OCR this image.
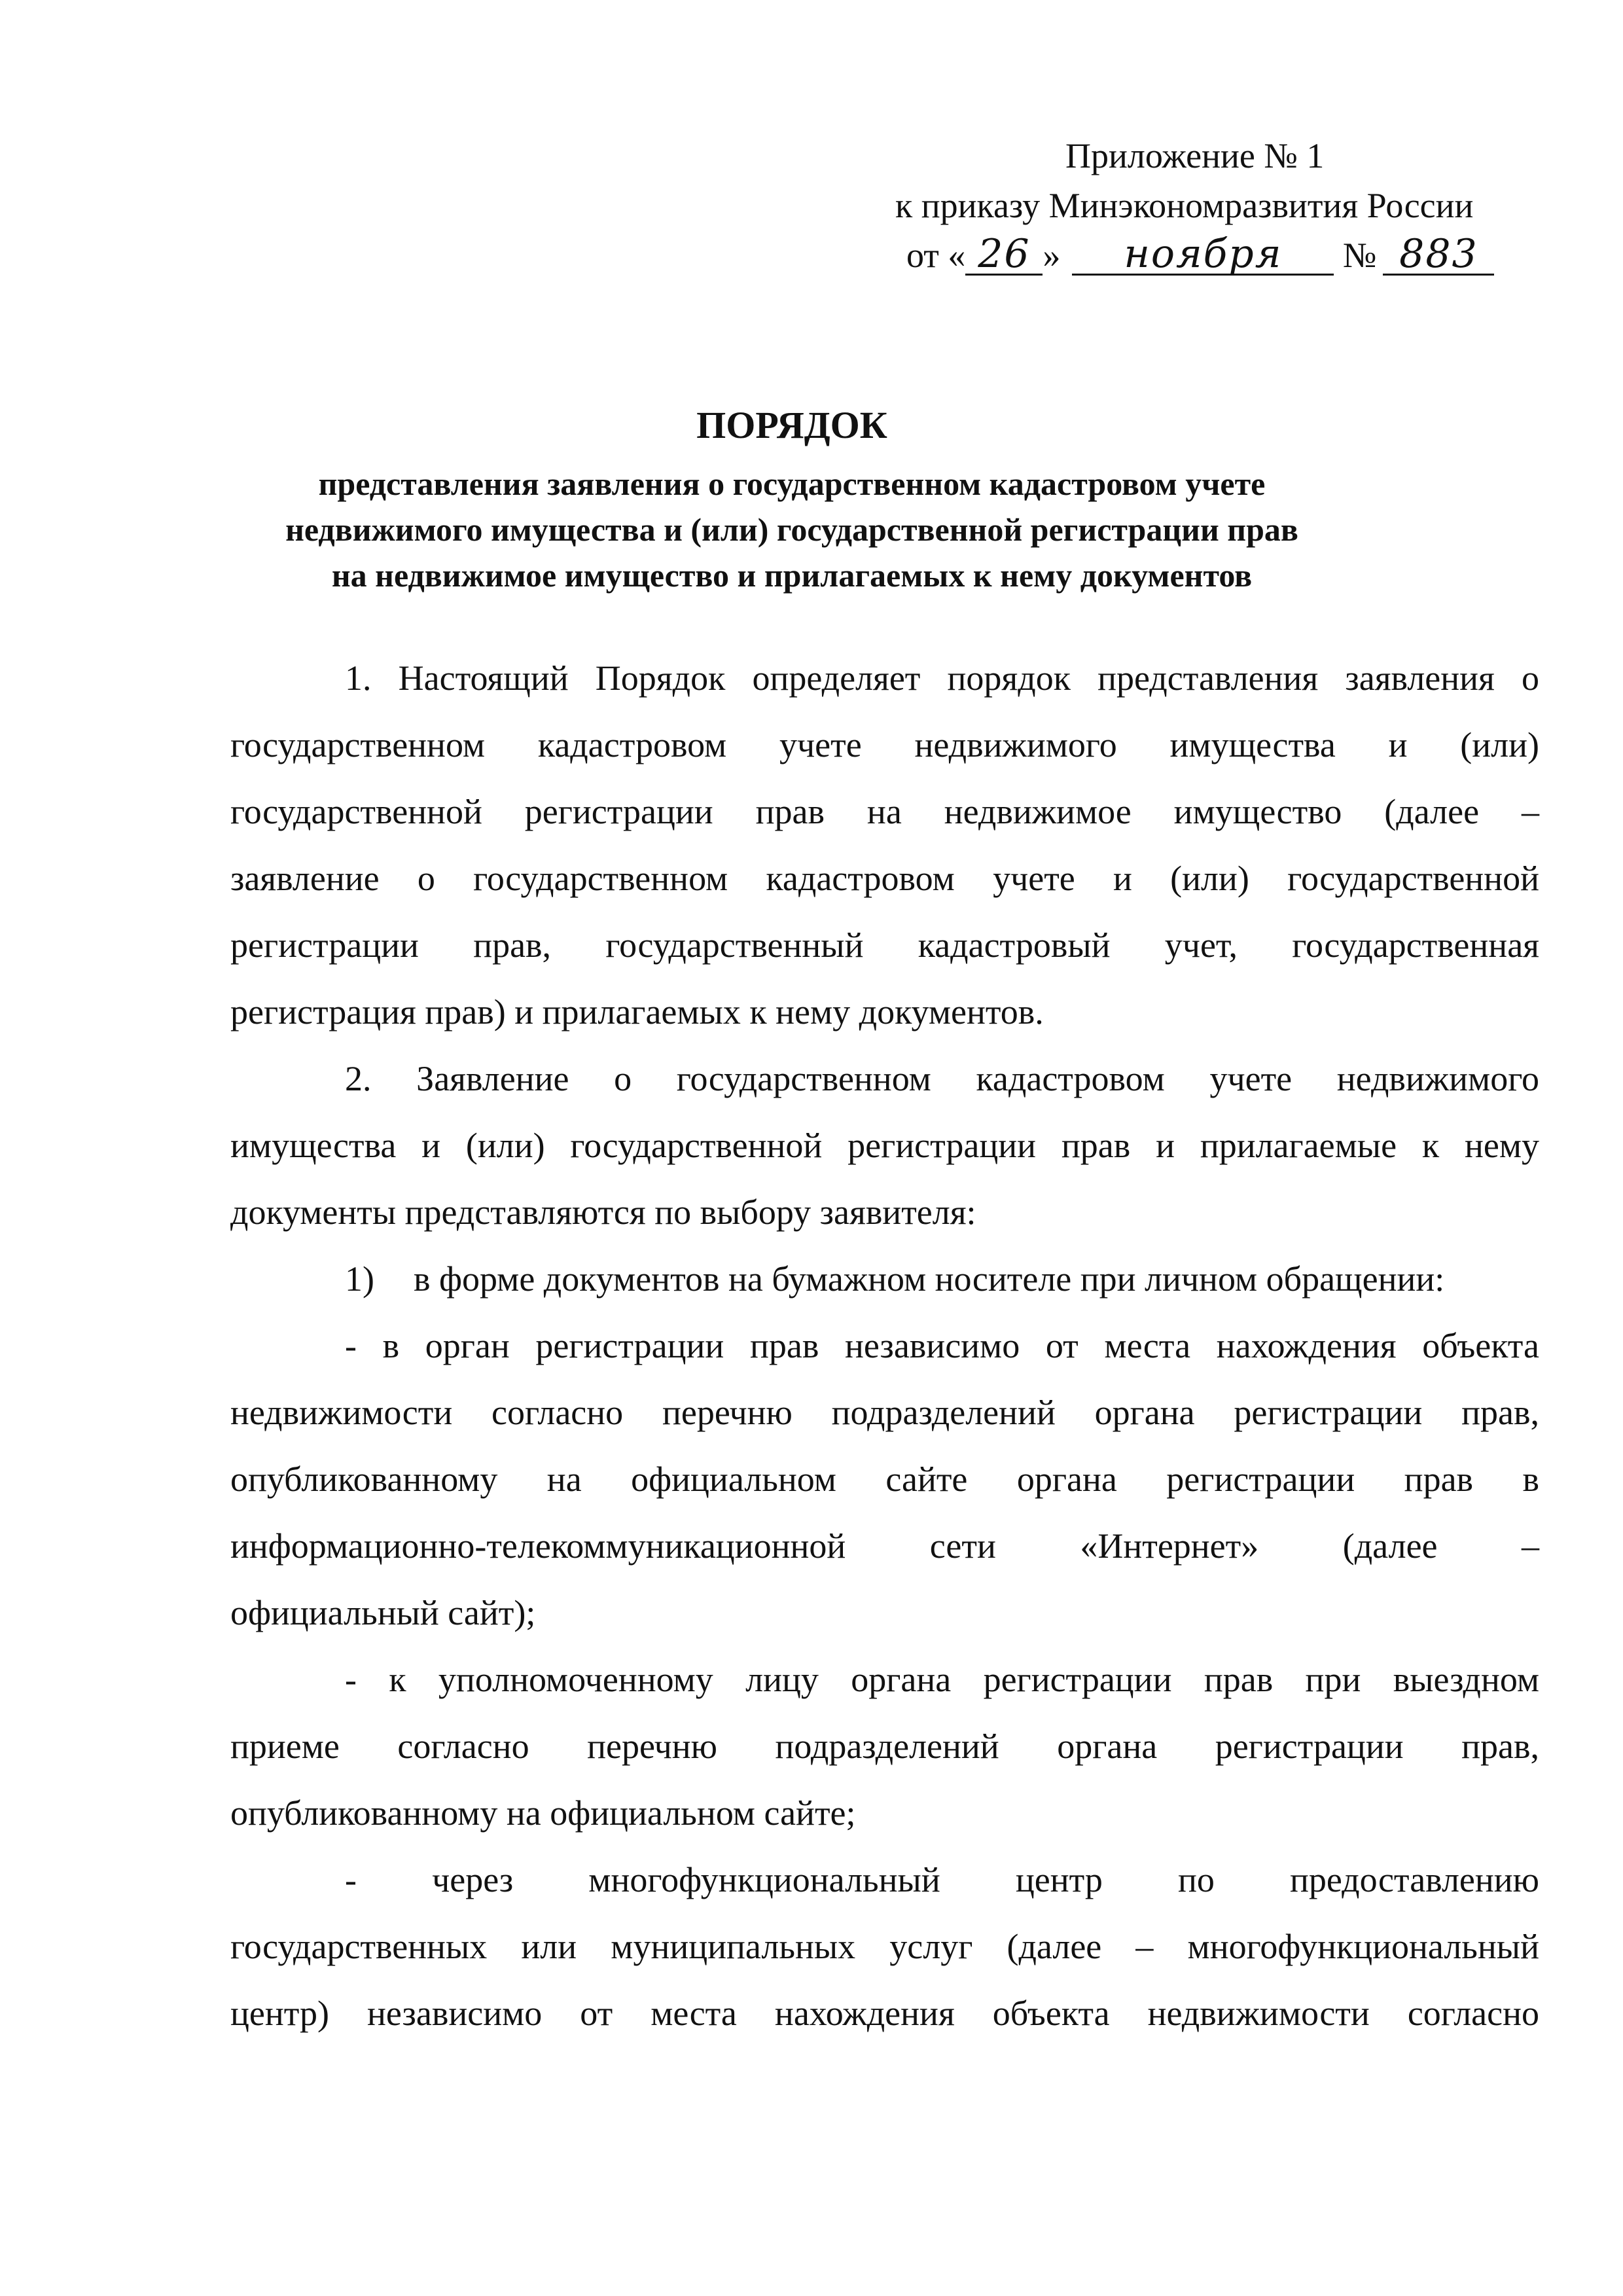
Приложение № 1
к приказу Минэкономразвития России
от « 26 » ноября № 883
ПОРЯДОК
представления заявления о государственном кадастровом учете
недвижимого имущества и (или) государственной регистрации прав
на недвижимое имущество и прилагаемых к нему документов
1. Настоящий Порядок определяет порядок представления заявления о
государственном кадастровом учете недвижимого имущества и (или)
государственной регистрации прав на недвижимое имущество (далее –
заявление о государственном кадастровом учете и (или) государственной
регистрации прав, государственный кадастровый учет, государственная
регистрация прав) и прилагаемых к нему документов.
2. Заявление о государственном кадастровом учете недвижимого
имущества и (или) государственной регистрации прав и прилагаемые к нему
документы представляются по выбору заявителя:
1) в форме документов на бумажном носителе при личном обращении:
- в орган регистрации прав независимо от места нахождения объекта
недвижимости согласно перечню подразделений органа регистрации прав,
опубликованному на официальном сайте органа регистрации прав в
информационно-телекоммуникационной сети «Интернет» (далее –
официальный сайт);
- к уполномоченному лицу органа регистрации прав при выездном
приеме согласно перечню подразделений органа регистрации прав,
опубликованному на официальном сайте;
- через многофункциональный центр по предоставлению
государственных или муниципальных услуг (далее – многофункциональный
центр) независимо от места нахождения объекта недвижимости согласно
